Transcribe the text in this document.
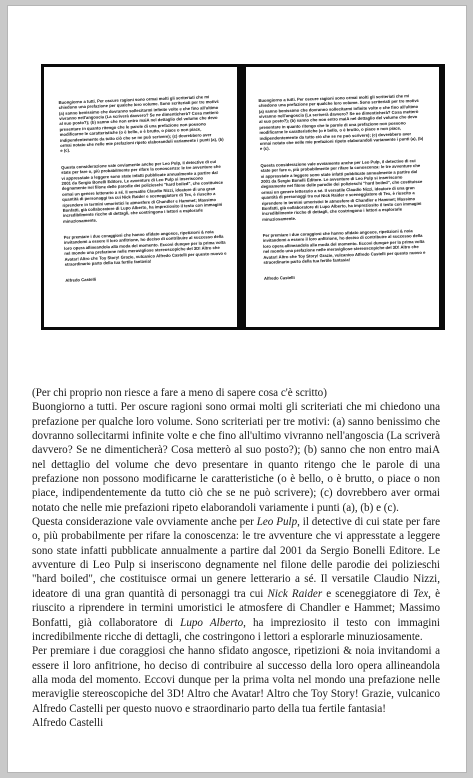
Buongiorno a tutti. Per oscure ragioni sono ormai molti gli scriteriati che mi chiedono una prefazione per qualche loro volume. Sono scriteriati per tre motivi: (a) sanno benissimo che dovranno sollecitarmi infinite volte e che fino all'ultimo vivranno nell'angoscia (La scriverà davvero? Se ne dimenticherà? Cosa metterò al suo posto?); (b) sanno che non entro maiA nel dettaglio del volume che devo presentare in quanto ritengo che le parole di una prefazione non possono modificarne le caratteristiche (o è bello, o è brutto, o piace o non piace, indipendentemente da tutto ciò che se ne può scrivere); (c) dovrebbero aver ormai notato che nelle mie prefazioni ripeto elaborandoli variamente i punti (a), (b) e (c).

Questa considerazione vale ovviamente anche per Leo Pulp, il detective di cui state per fare o, più probabilmente per rifare la conoscenza: le tre avventure che vi appresstate a leggere sono state infatti pubblicate annualmente a partire dal 2001 da Sergio Bonelli Editore. Le avventure di Leo Pulp si inseriscono degnamente nel filone delle parodie dei polizieschi "hard boiled", che costituisce ormai un genere letterario a sé. Il versatile Claudio Nizzi, ideatore di una gran quantità di personaggi tra cui Nick Raider e sceneggiatore di Tex, è riuscito a riprendere in termini umoristici le atmosfere di Chandler e Hammet; Massimo Bonfatti, già collaboratore di Lupo Alberto, ha impreziosito il testo con immagini incredibilmente ricche di dettagli, che costringono i lettori a esplorarle minuziosamente.

Per premiare i due coraggiosi che hanno sfidato angosce, ripetizioni & noia invitandomi a essere il loro anfitrione, ho deciso di contribuire al successo della loro opera allineandola alla moda del momento. Eccovi dunque per la prima volta nel mondo una prefazione nelle meravigliose stereoscopiche del 3D! Altro che Avatar! Altro che Toy Story! Grazie, vulcanico Alfredo Castelli per questo nuovo e straordinario parto della tua fertile fantasia!

Alfredo Castelli

Buongiorno a tutti. Per oscure ragioni sono ormai molti gli scriteriati che mi chiedono una prefazione per qualche loro volume. Sono scriteriati per tre motivi: (a) sanno benissimo che dovranno sollecitarmi infinite volte e che fino all'ultimo vivranno nell'angoscia (La scriverà davvero? Se ne dimenticherà? Cosa metterò al suo posto?); (b) sanno che non entro maiA nel dettaglio del volume che devo presentare in quanto ritengo che le parole di una prefazione non possono modificarne le caratteristiche (o è bello, o è brutto, o piace o non piace, indipendentemente da tutto ciò che se ne può scrivere); (c) dovrebbero aver ormai notato che nelle mie prefazioni ripeto elaborandoli variamente i punti (a), (b) e (c).

Questa considerazione vale ovviamente anche per Leo Pulp, il detective di cui state per fare o, più probabilmente per rifare la conoscenza: le tre avventure che vi appresstate a leggere sono state infatti pubblicate annualmente a partire dal 2001 da Sergio Bonelli Editore. Le avventure di Leo Pulp si inseriscono degnamente nel filone delle parodie dei polizieschi "hard boiled", che costituisce ormai un genere letterario a sé. Il versatile Claudio Nizzi, ideatore di una gran quantità di personaggi tra cui Nick Raider e sceneggiatore di Tex, è riuscito a riprendere in termini umoristici le atmosfere di Chandler e Hammet; Massimo Bonfatti, già collaboratore di Lupo Alberto, ha impreziosito il testo con immagini incredibilmente ricche di dettagli, che costringono i lettori a esplorarle minuziosamente.

Per premiare i due coraggiosi che hanno sfidato angosce, ripetizioni & noia invitandomi a essere il loro anfitrione, ho deciso di contribuire al successo della loro opera allineandola alla moda del momento. Eccovi dunque per la prima volta nel mondo una prefazione nelle meravigliose stereoscopiche del 3D! Altro che Avatar! Altro che Toy Story! Grazie, vulcanico Alfredo Castelli per questo nuovo e straordinario parto della tua fertile fantasia!

Alfredo Castelli

(Per chi proprio non riesce a fare a meno di sapere cosa c'è scritto)

Buongiorno a tutti. Per oscure ragioni sono ormai molti gli scriteriati che mi chiedono una prefazione per qualche loro volume. Sono scriteriati per tre motivi: (a) sanno benissimo che dovranno sollecitarmi infinite volte e che fino all'ultimo vivranno nell'angoscia (La scriverà davvero? Se ne dimenticherà? Cosa metterò al suo posto?); (b) sanno che non entro maiA nel dettaglio del volume che devo presentare in quanto ritengo che le parole di una prefazione non possono modificarne le caratteristiche (o è bello, o è brutto, o piace o non piace, indipendentemente da tutto ciò che se ne può scrivere); (c) dovrebbero aver ormai notato che nelle mie prefazioni ripeto elaborandoli variamente i punti (a), (b) e (c).

Questa considerazione vale ovviamente anche per Leo Pulp, il detective di cui state per fare o, più probabilmente per rifare la conoscenza: le tre avventure che vi appresstate a leggere sono state infatti pubblicate annualmente a partire dal 2001 da Sergio Bonelli Editore. Le avventure di Leo Pulp si inseriscono degnamente nel filone delle parodie dei polizieschi "hard boiled", che costituisce ormai un genere letterario a sé. Il versatile Claudio Nizzi, ideatore di una gran quantità di personaggi tra cui Nick Raider e sceneggiatore di Tex, è riuscito a riprendere in termini umoristici le atmosfere di Chandler e Hammet; Massimo Bonfatti, già collaboratore di Lupo Alberto, ha impreziosito il testo con immagini incredibilmente ricche di dettagli, che costringono i lettori a esplorarle minuziosamente.

Per premiare i due coraggiosi che hanno sfidato angosce, ripetizioni & noia invitandomi a essere il loro anfitrione, ho deciso di contribuire al successo della loro opera allineandola alla moda del momento. Eccovi dunque per la prima volta nel mondo una prefazione nelle meraviglie stereoscopiche del 3D! Altro che Avatar! Altro che Toy Story! Grazie, vulcanico Alfredo Castelli per questo nuovo e straordinario parto della tua fertile fantasia!

Alfredo Castelli
